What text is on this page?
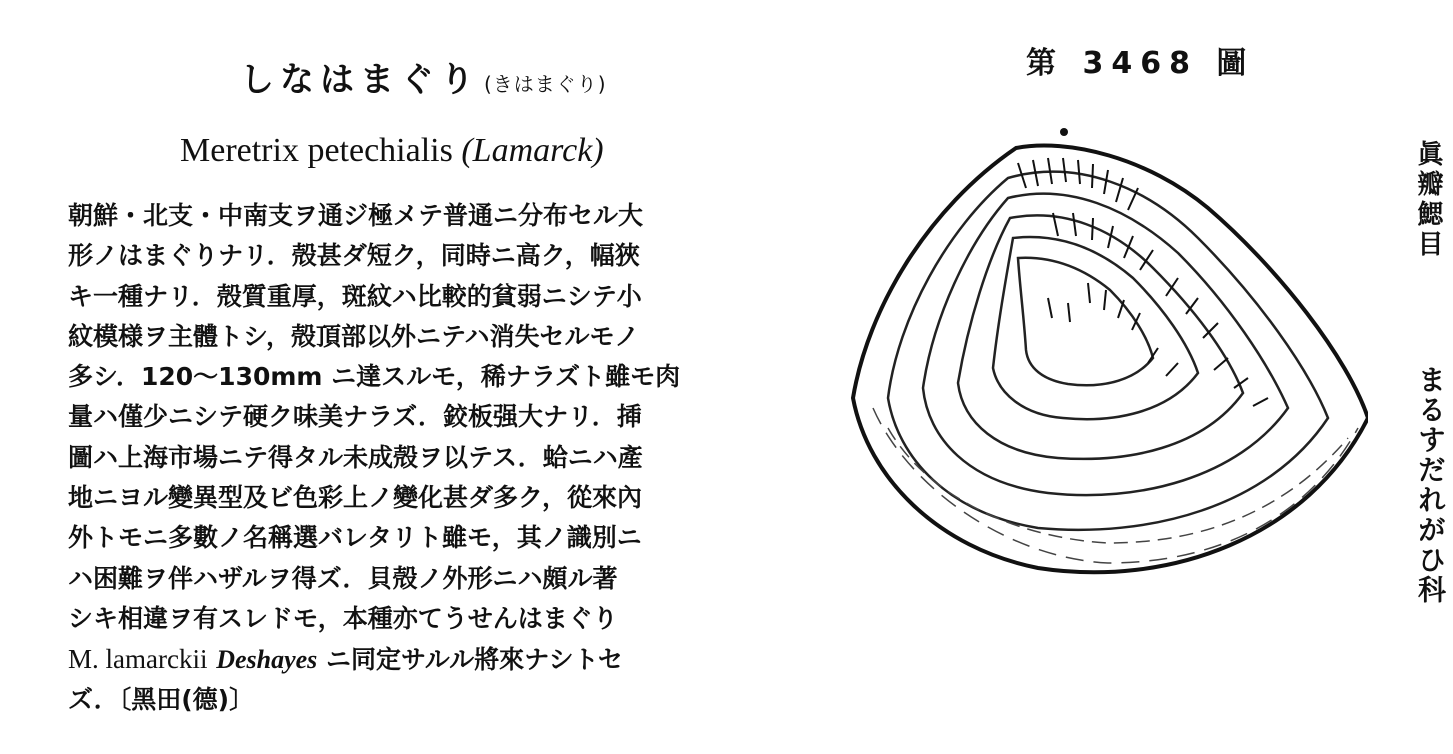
しなはまぐり (きはまぐり)
Meretrix petechialis (Lamarck)
朝鮮・北支・中南支ヲ通ジ極メテ普通ニ分布セル大
形ノはまぐりナリ．殻甚ダ短ク，同時ニ高ク，幅狹
キ一種ナリ．殻質重厚，斑紋ハ比較的貧弱ニシテ小
紋模様ヲ主體トシ，殻頂部以外ニテハ消失セルモノ
多シ．120～130mm ニ達スルモ，稀ナラズト雖モ肉
量ハ僅少ニシテ硬ク味美ナラズ．鉸板强大ナリ．揷
圖ハ上海市場ニテ得タル未成殻ヲ以テス．蛤ニハ產
地ニヨル變異型及ビ色彩上ノ變化甚ダ多ク，從來內
外トモニ多數ノ名稱選バレタリト雖モ，其ノ識別ニ
ハ困難ヲ伴ハザルヲ得ズ．貝殻ノ外形ニハ頗ル著
シキ相違ヲ有スレドモ，本種亦てうせんはまぐり
M. lamarckii Deshayes ニ同定サルル將來ナシトセ
ズ．〔黑田(德)〕
第 3468 圖
眞瓣鰓目
まるすだれがひ科
